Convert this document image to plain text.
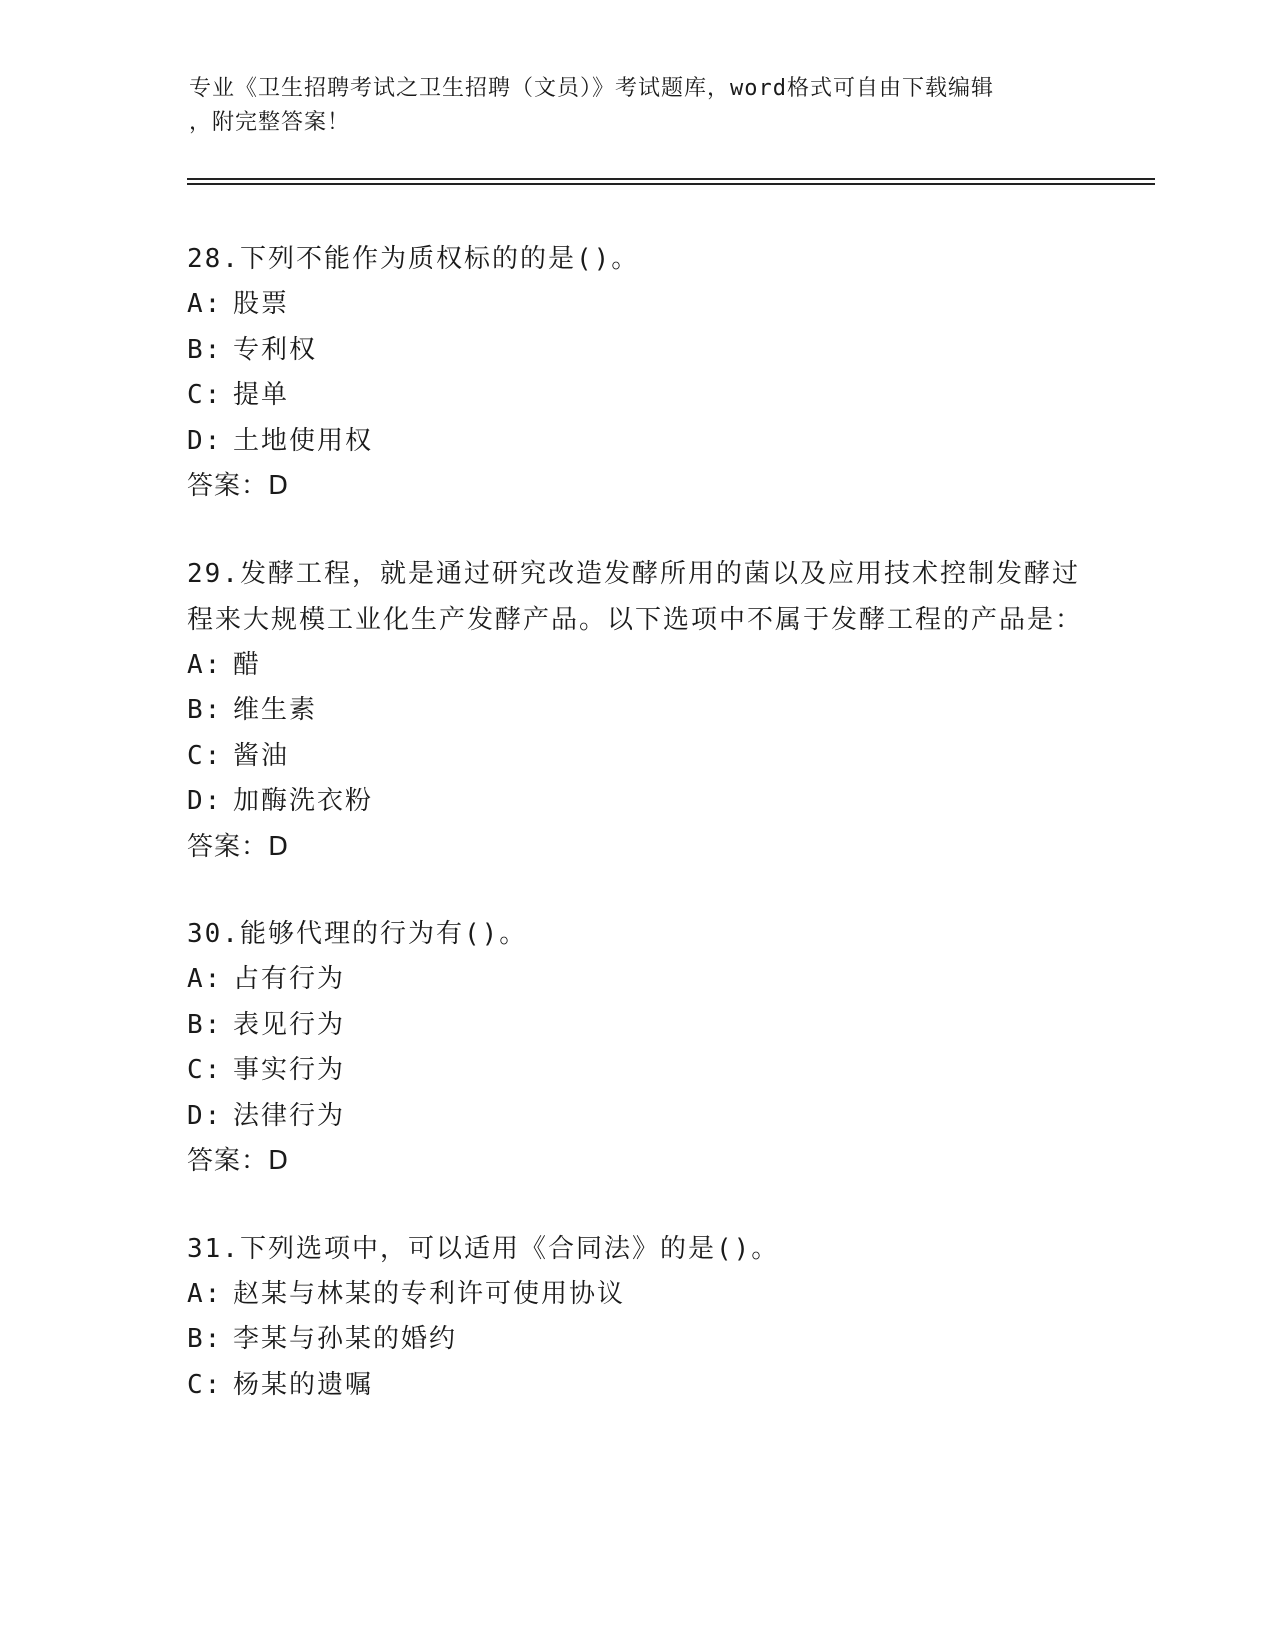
专业《卫生招聘考试之卫生招聘（文员）》考试题库，word格式可自由下载编辑
，附完整答案！

28.下列不能作为质权标的的是()。

A: 股票

B: 专利权

C: 提单

D: 土地使用权

答案：D

29.发酵工程，就是通过研究改造发酵所用的菌以及应用技术控制发酵过程来大规模工业化生产发酵产品。以下选项中不属于发酵工程的产品是：

A: 醋

B: 维生素

C: 酱油

D: 加酶洗衣粉

答案：D

30.能够代理的行为有()。

A: 占有行为

B: 表见行为

C: 事实行为

D: 法律行为

答案：D

31.下列选项中，可以适用《合同法》的是()。

A: 赵某与林某的专利许可使用协议

B: 李某与孙某的婚约

C: 杨某的遗嘱
